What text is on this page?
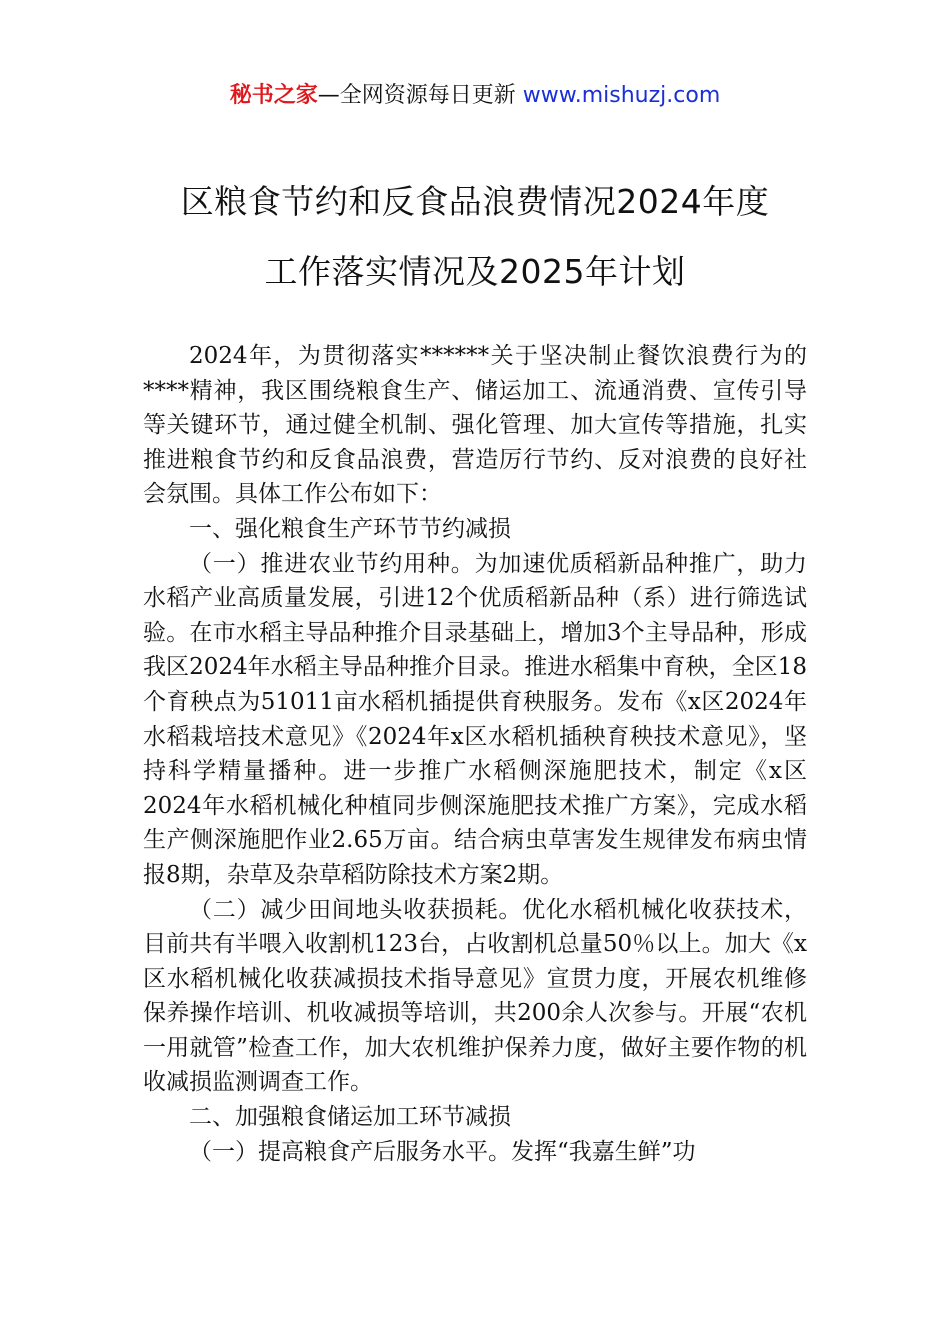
秘书之家—全网资源每日更新 www.mishuzj.com
区粮食节约和反食品浪费情况2024年度
工作落实情况及2025年计划

2024年，为贯彻落实******关于坚决制止餐饮浪费行为的****精神，我区围绕粮食生产、储运加工、流通消费、宣传引导等关键环节，通过健全机制、强化管理、加大宣传等措施，扎实推进粮食节约和反食品浪费，营造厉行节约、反对浪费的良好社会氛围。具体工作公布如下：

一、强化粮食生产环节节约减损

（一）推进农业节约用种。为加速优质稻新品种推广，助力水稻产业高质量发展，引进12个优质稻新品种（系）进行筛选试验。在市水稻主导品种推介目录基础上，增加3个主导品种，形成我区2024年水稻主导品种推介目录。推进水稻集中育秧，全区18个育秧点为51011亩水稻机插提供育秧服务。发布《x区2024年水稻栽培技术意见》《2024年x区水稻机插秧育秧技术意见》，坚持科学精量播种。进一步推广水稻侧深施肥技术，制定《x区2024年水稻机械化种植同步侧深施肥技术推广方案》，完成水稻生产侧深施肥作业2.65万亩。结合病虫草害发生规律发布病虫情报8期，杂草及杂草稻防除技术方案2期。

（二）减少田间地头收获损耗。优化水稻机械化收获技术，目前共有半喂入收割机123台，占收割机总量50％以上。加大《x区水稻机械化收获减损技术指导意见》宣贯力度，开展农机维修保养操作培训、机收减损等培训，共200余人次参与。开展“农机一用就管”检查工作，加大农机维护保养力度，做好主要作物的机收减损监测调查工作。

二、加强粮食储运加工环节减损

（一）提高粮食产后服务水平。发挥“我嘉生鲜”功
